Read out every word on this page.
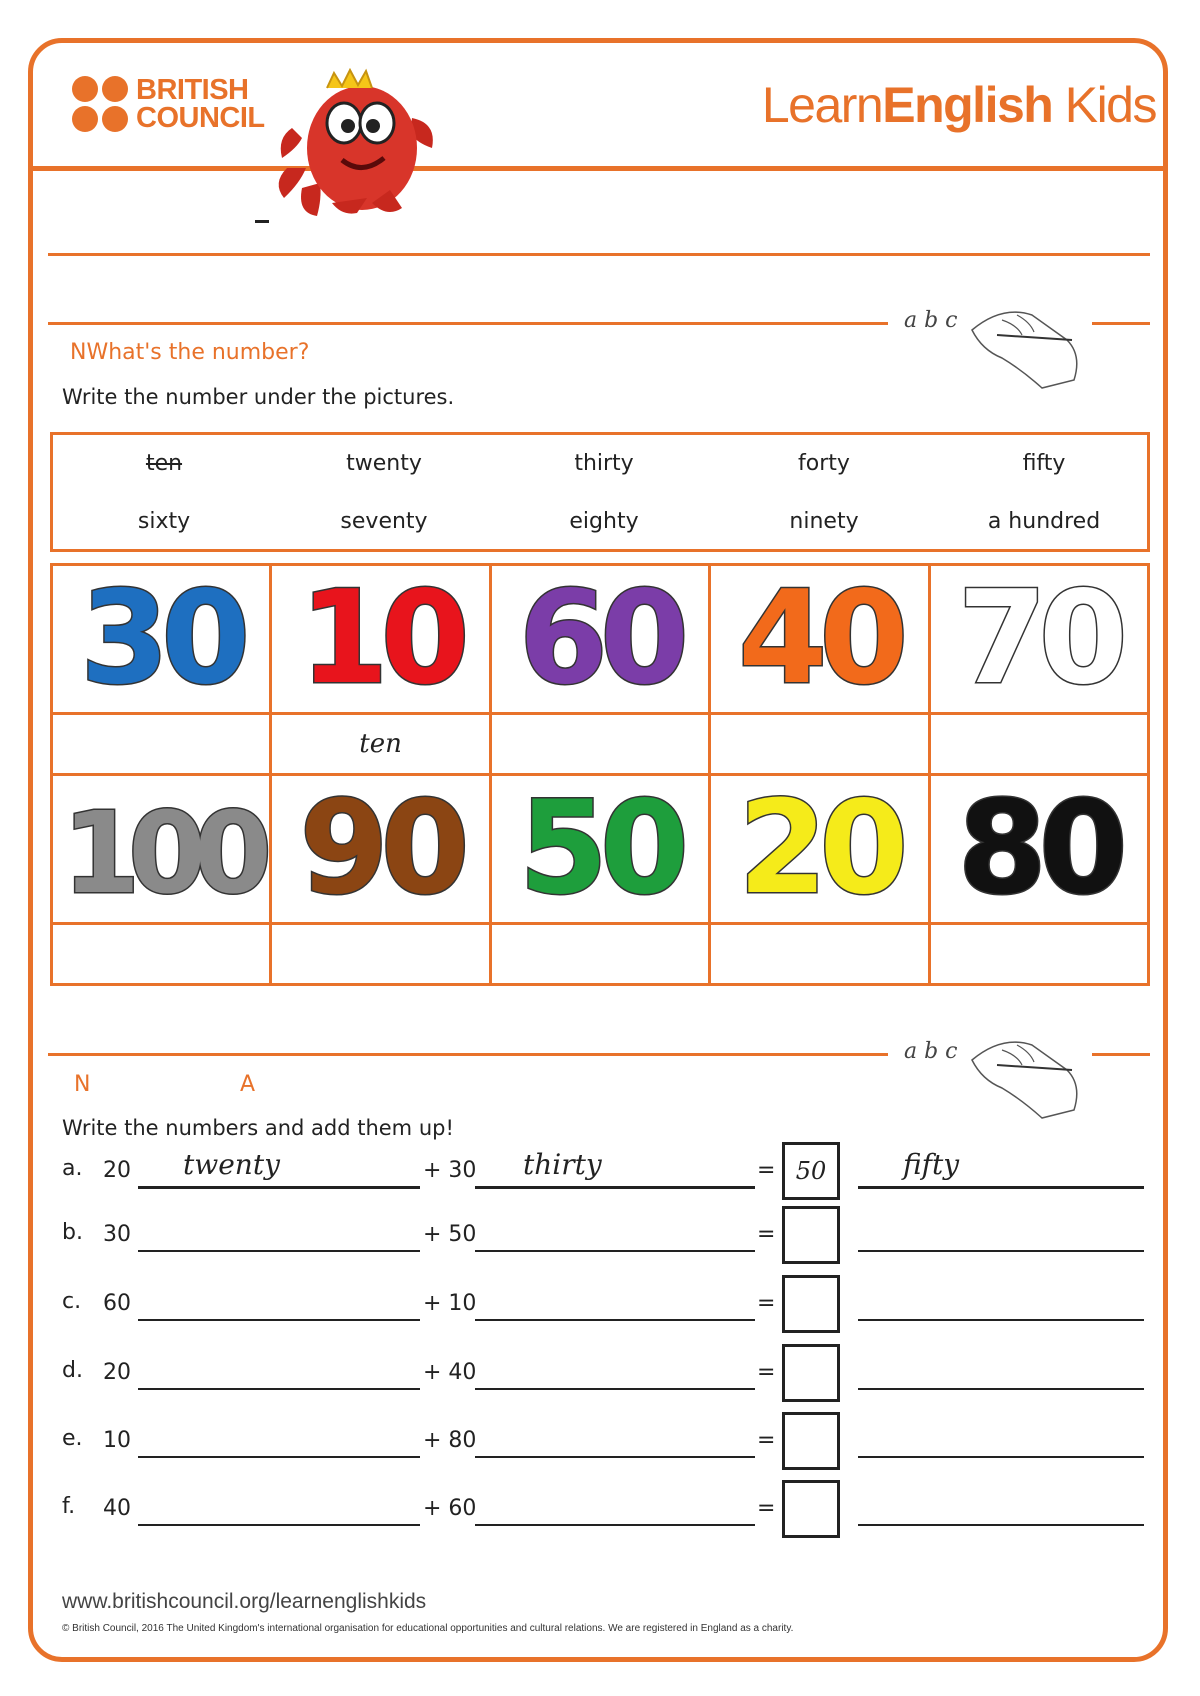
BRITISH
COUNCIL	LearnEnglish Kids
a b c
NWhat's the number?
Write the number under the pictures.
ten	twenty	thirty	forty	fifty
sixty	seventy	eighty	ninety	a hundred
30	10	60	40	70
	ten			
100	90	50	20	80

a b c
N	A
Write the numbers and add them up!
a. 20 twenty	+ 30 thirty	= 50	fifty
b. 30	+ 50	=
c. 60	+ 10	=
d. 20	+ 40	=
e. 10	+ 80	=
f. 40	+ 60	=
www.britishcouncil.org/learnenglishkids
© British Council, 2016 The United Kingdom's international organisation for educational opportunities and cultural relations. We are registered in England as a charity.
